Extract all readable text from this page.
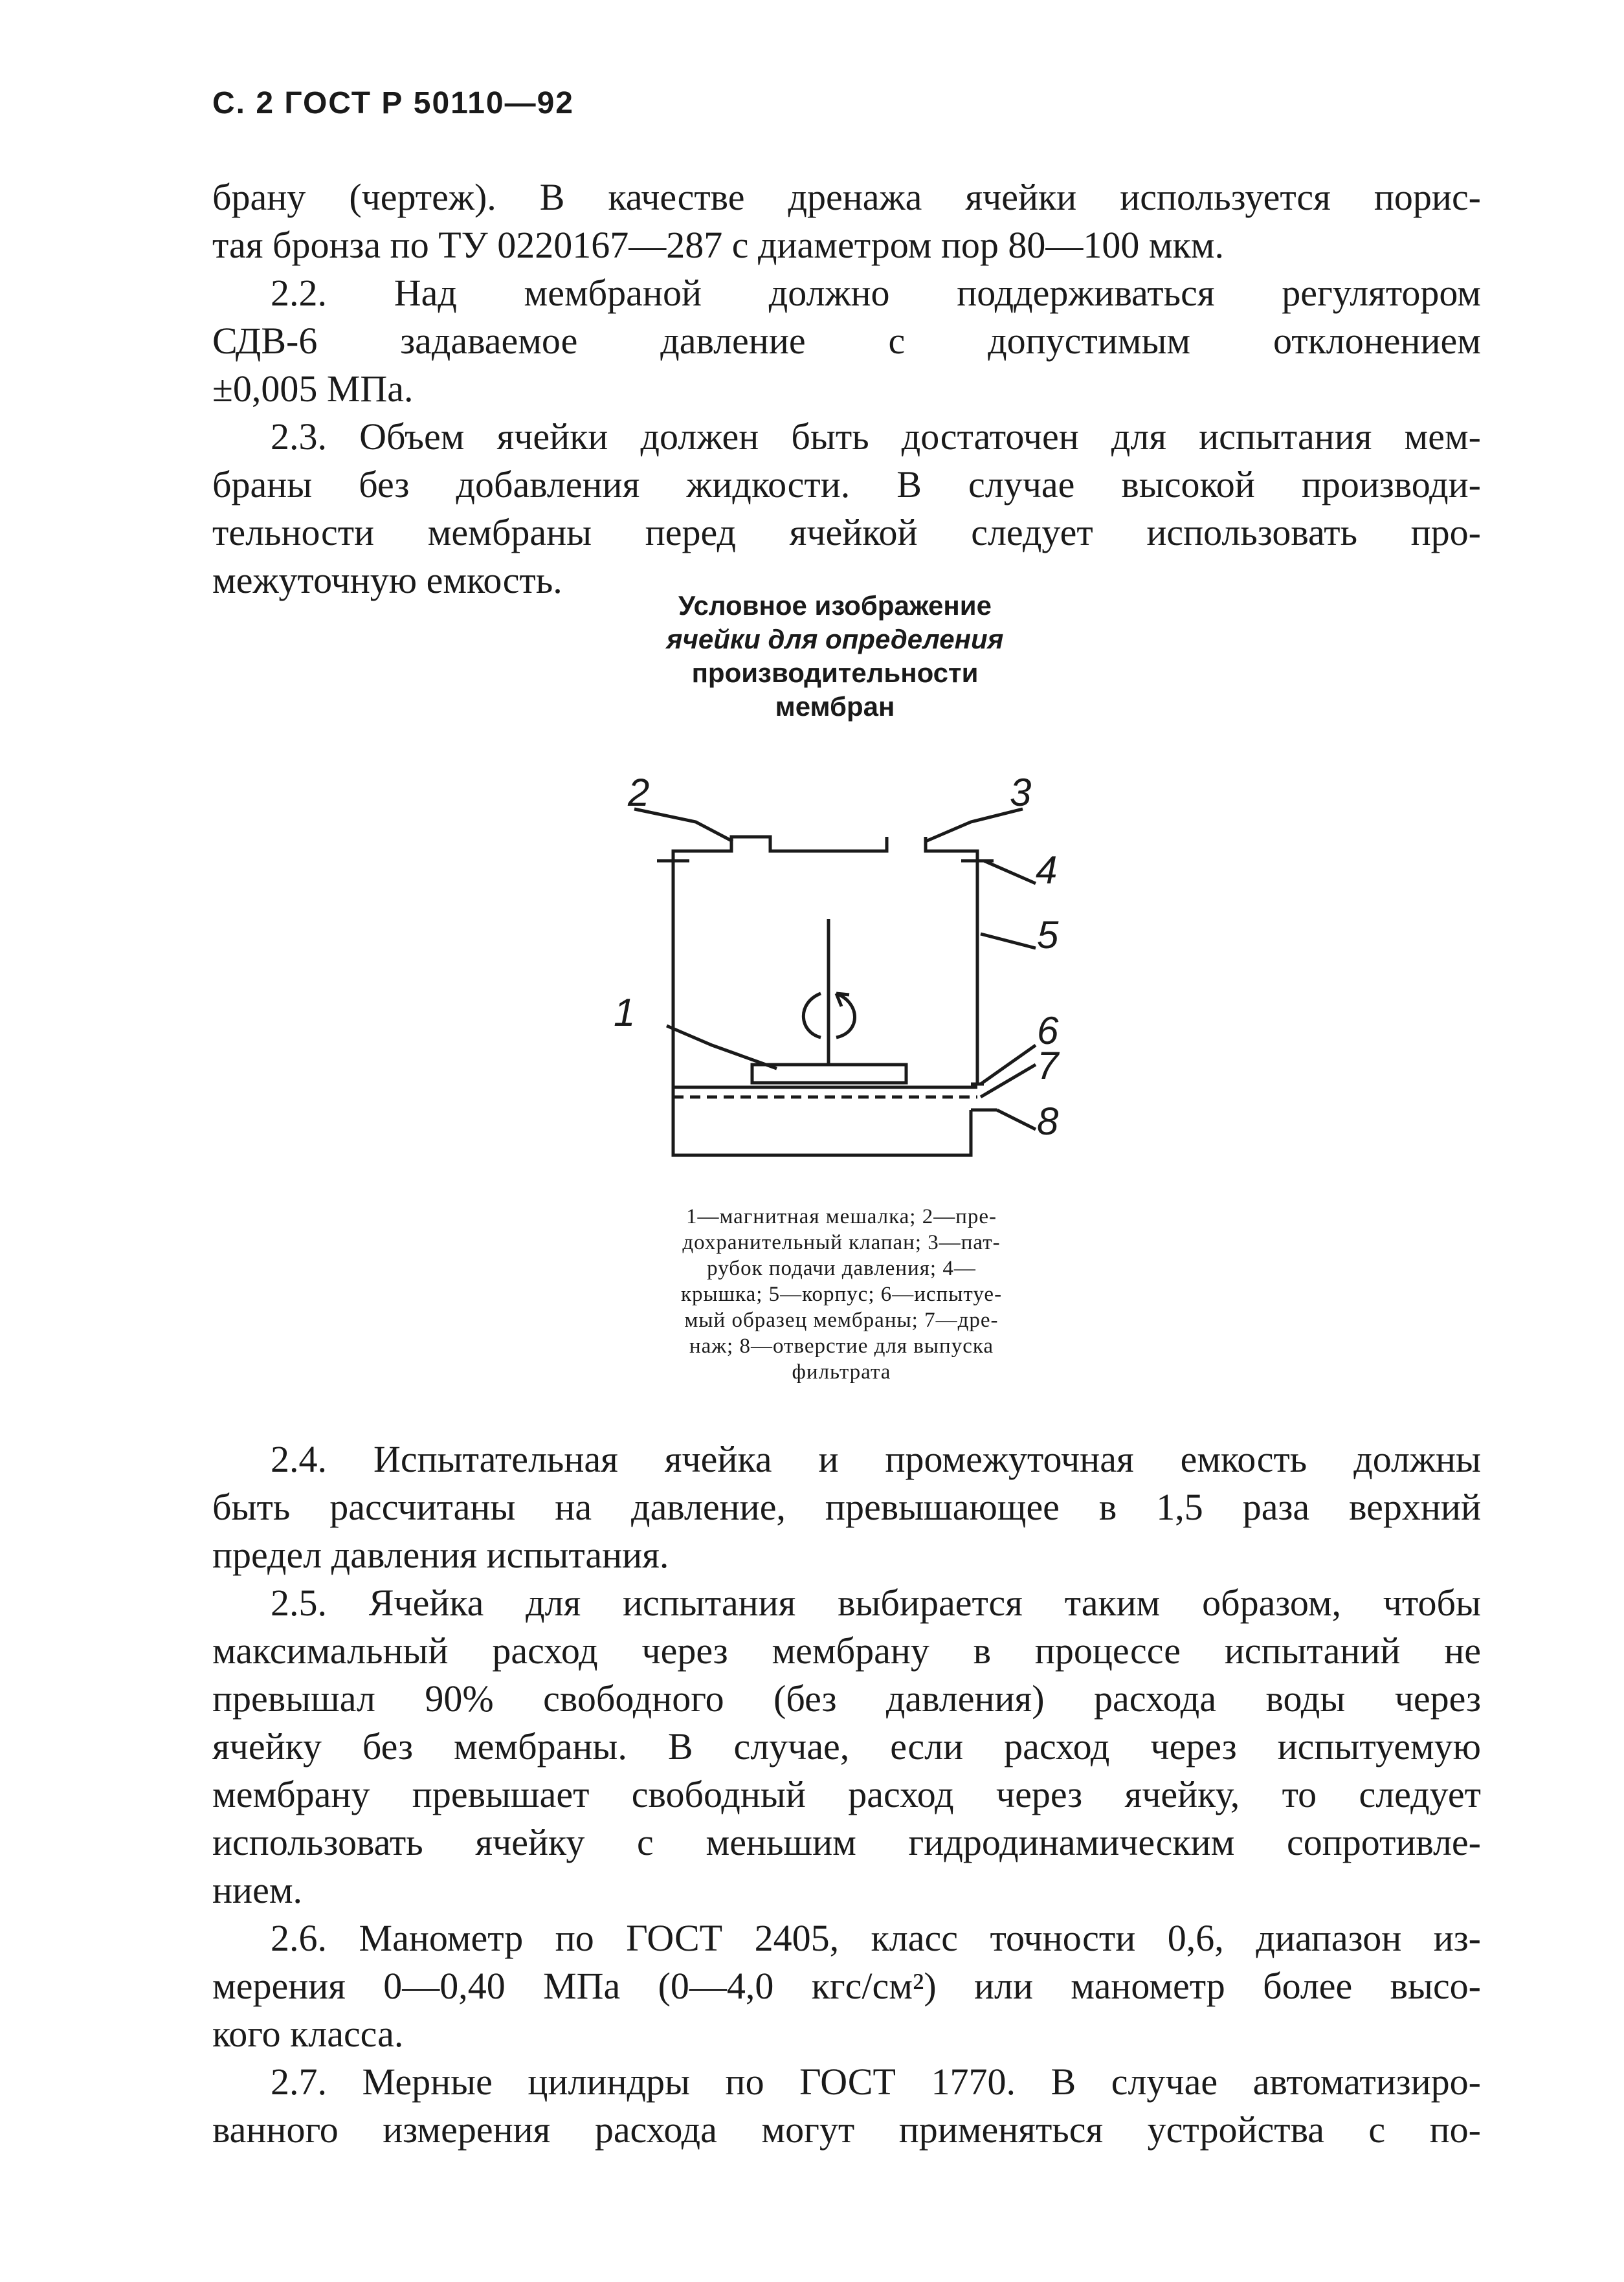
С. 2 ГОСТ Р 50110—92

брану (чертеж). В качестве дренажа ячейки используется порис-

тая бронза по ТУ 0220167—287 с диаметром пор 80—100 мкм.

2.2. Над мембраной должно поддерживаться регулятором

СДВ-6 задаваемое давление с допустимым отклонением

±0,005 МПа.

2.3. Объем ячейки должен быть достаточен для испытания мем-

браны без добавления жидкости. В случае высокой производи-

тельности мембраны перед ячейкой следует использовать про-

межуточную емкость.

Условное изображение
ячейки для определения
производительности
мембран
2	3
4
5
1	6
7
8
1—магнитная мешалка; 2—пре-
дохранительный клапан; 3—пат-
рубок подачи давления; 4—
крышка; 5—корпус; 6—испытуе-
мый образец мембраны; 7—дре-
наж; 8—отверстие для выпуска
фильтрата

2.4. Испытательная ячейка и промежуточная емкость должны

быть рассчитаны на давление, превышающее в 1,5 раза верхний

предел давления испытания.

2.5. Ячейка для испытания выбирается таким образом, чтобы

максимальный расход через мембрану в процессе испытаний не

превышал 90% свободного (без давления) расхода воды через

ячейку без мембраны. В случае, если расход через испытуемую

мембрану превышает свободный расход через ячейку, то следует

использовать ячейку с меньшим гидродинамическим сопротивле-

нием.

2.6. Манометр по ГОСТ 2405, класс точности 0,6, диапазон из-

мерения 0—0,40 МПа (0—4,0 кгс/см²) или манометр более высо-

кого класса.

2.7. Мерные цилиндры по ГОСТ 1770. В случае автоматизиро-

ванного измерения расхода могут применяться устройства с по-
